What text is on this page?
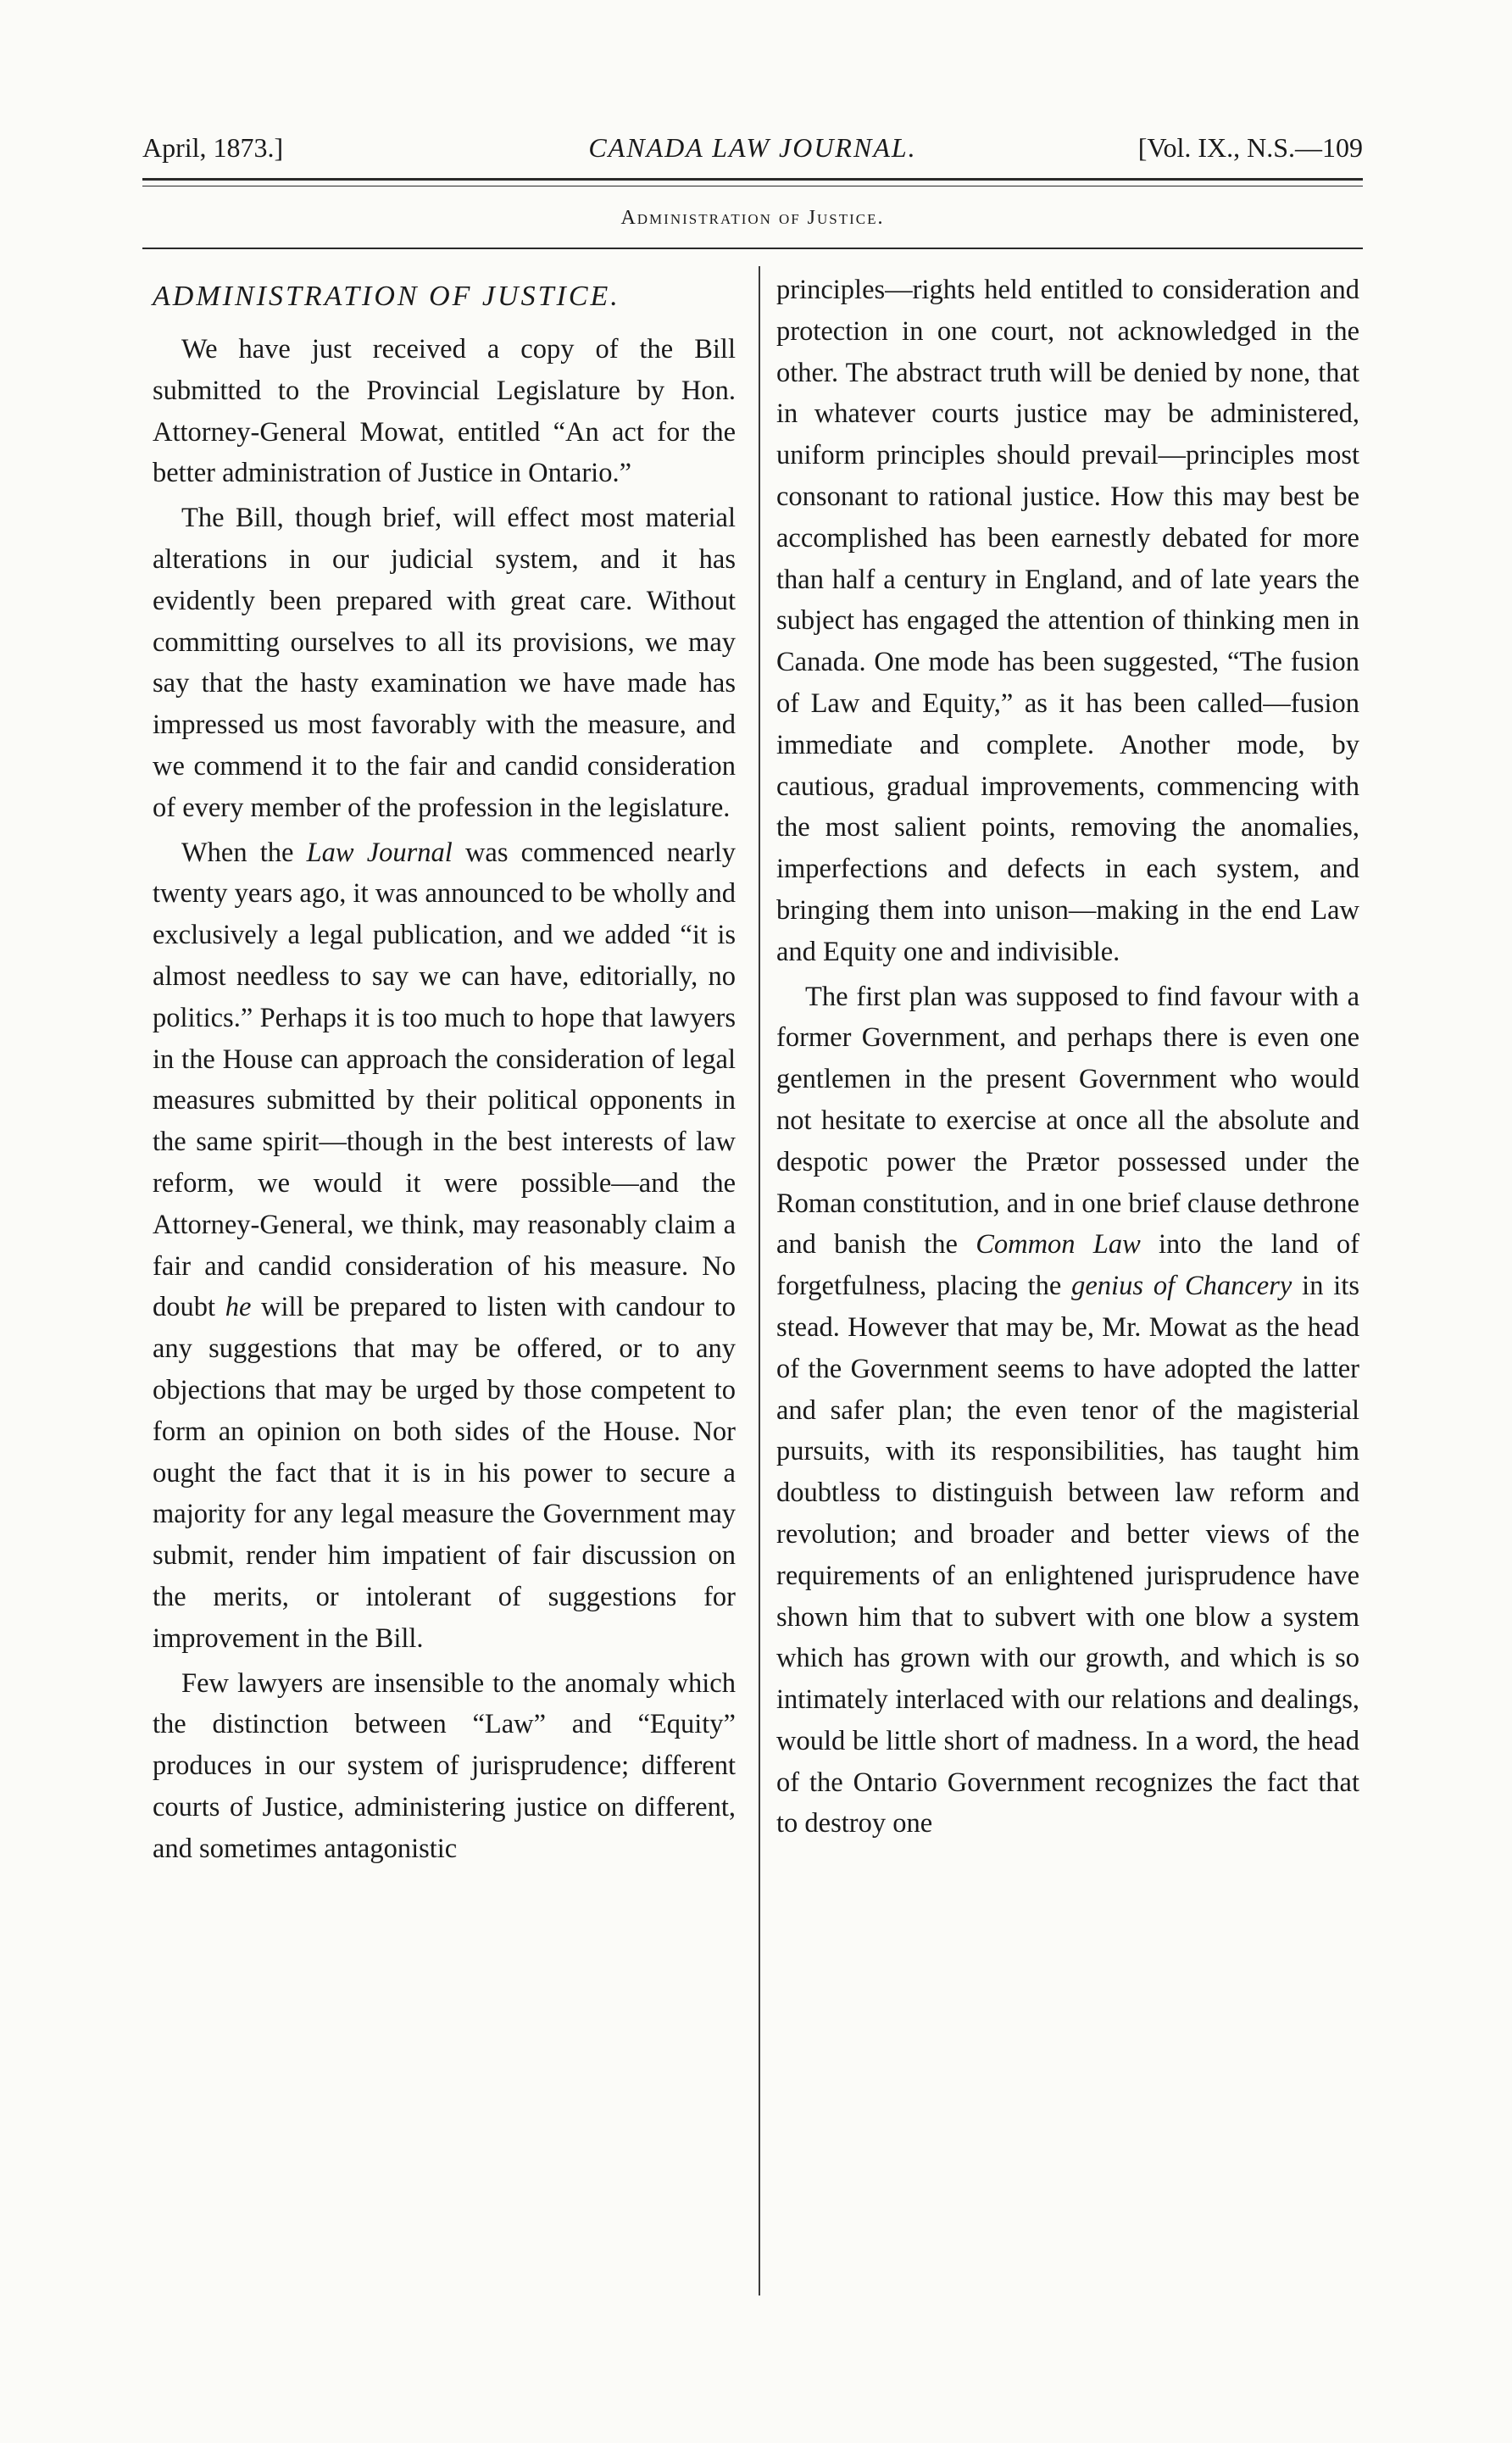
April, 1873.]	CANADA LAW JOURNAL.	[Vol. IX., N.S.—109
Administration of Justice.
ADMINISTRATION OF JUSTICE.

We have just received a copy of the Bill submitted to the Provincial Legislature by Hon. Attorney-General Mowat, entitled “An act for the better administration of Justice in Ontario.”

The Bill, though brief, will effect most material alterations in our judicial system, and it has evidently been prepared with great care. Without committing ourselves to all its provisions, we may say that the hasty examination we have made has impressed us most favorably with the measure, and we commend it to the fair and candid consideration of every member of the profession in the legislature.

When the Law Journal was commenced nearly twenty years ago, it was announced to be wholly and exclusively a legal publication, and we added “it is almost needless to say we can have, editorially, no politics.” Perhaps it is too much to hope that lawyers in the House can approach the consideration of legal measures submitted by their political opponents in the same spirit—though in the best interests of law reform, we would it were possible—and the Attorney-General, we think, may reasonably claim a fair and candid consideration of his measure. No doubt he will be prepared to listen with candour to any suggestions that may be offered, or to any objections that may be urged by those competent to form an opinion on both sides of the House. Nor ought the fact that it is in his power to secure a majority for any legal measure the Government may submit, render him impatient of fair discussion on the merits, or intolerant of suggestions for improvement in the Bill.

Few lawyers are insensible to the anomaly which the distinction between “Law” and “Equity” produces in our system of jurisprudence; different courts of Justice, administering justice on different, and sometimes antagonistic

principles—rights held entitled to consideration and protection in one court, not acknowledged in the other. The abstract truth will be denied by none, that in whatever courts justice may be administered, uniform principles should prevail—principles most consonant to rational justice. How this may best be accomplished has been earnestly debated for more than half a century in England, and of late years the subject has engaged the attention of thinking men in Canada. One mode has been suggested, “The fusion of Law and Equity,” as it has been called—fusion immediate and complete. Another mode, by cautious, gradual improvements, commencing with the most salient points, removing the anomalies, imperfections and defects in each system, and bringing them into unison—making in the end Law and Equity one and indivisible.

The first plan was supposed to find favour with a former Government, and perhaps there is even one gentlemen in the present Government who would not hesitate to exercise at once all the absolute and despotic power the Prætor possessed under the Roman constitution, and in one brief clause dethrone and banish the Common Law into the land of forgetfulness, placing the genius of Chancery in its stead. However that may be, Mr. Mowat as the head of the Government seems to have adopted the latter and safer plan; the even tenor of the magisterial pursuits, with its responsibilities, has taught him doubtless to distinguish between law reform and revolution; and broader and better views of the requirements of an enlightened jurisprudence have shown him that to subvert with one blow a system which has grown with our growth, and which is so intimately interlaced with our relations and dealings, would be little short of madness. In a word, the head of the Ontario Government recognizes the fact that to destroy one
